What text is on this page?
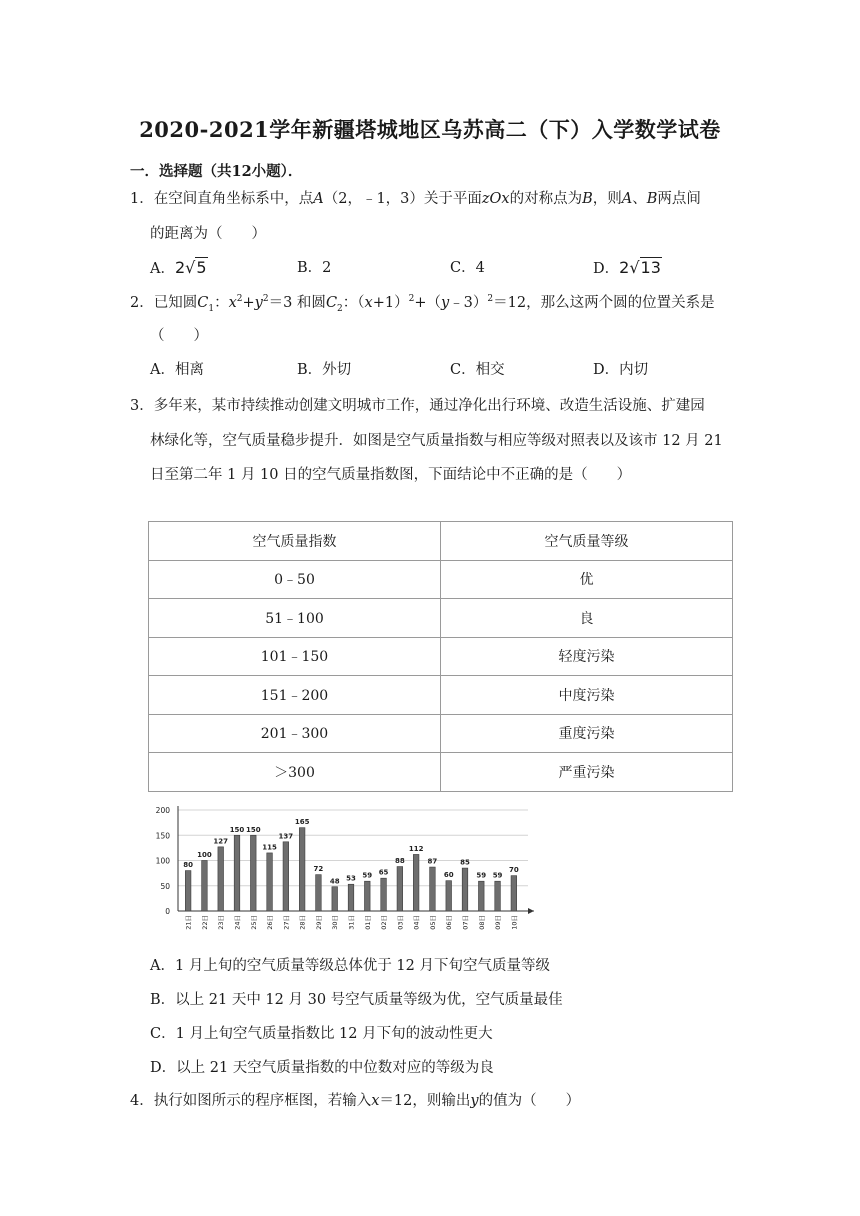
2020-2021学年新疆塔城地区乌苏高二（下）入学数学试卷
一．选择题（共12小题）．
1．在空间直角坐标系中，点A（2，﹣1，3）关于平面zOx的对称点为B，则A、B两点间
的距离为（　　）
A．2√5	B．2	C．4	D．2√13
2．已知圆$C_1$：$x^2+y^2=3$ 和圆$C_2$：$(x+1)^2+(y﹣3)^2=12$，那么这两个圆的位置关系是
（　　）
A．相离	B．外切	C．相交	D．内切
3．多年来，某市持续推动创建文明城市工作，通过净化出行环境、改造生活设施、扩建园
林绿化等，空气质量稳步提升．如图是空气质量指数与相应等级对照表以及该市 12 月 21
日至第二年 1 月 10 日的空气质量指数图，下面结论中不正确的是（　　）
空气质量指数	空气质量等级
0﹣50	优
51﹣100	良
101﹣150	轻度污染
151﹣200	中度污染
201﹣300	重度污染
＞300	严重污染
0
50
100
150
200
80
21日
100
22日
127
23日
150
24日
150
25日
115
26日
137
27日
165
28日
72
29日
48
30日
53
31日
59
01日
65
02日
88
03日
112
04日
87
05日
60
06日
85
07日
59
08日
59
09日
70
10日
A．1 月上旬的空气质量等级总体优于 12 月下旬空气质量等级
B．以上 21 天中 12 月 30 号空气质量等级为优，空气质量最佳
C．1 月上旬空气质量指数比 12 月下旬的波动性更大
D．以上 21 天空气质量指数的中位数对应的等级为良
4．执行如图所示的程序框图，若输入x＝12，则输出y的值为（　　）
